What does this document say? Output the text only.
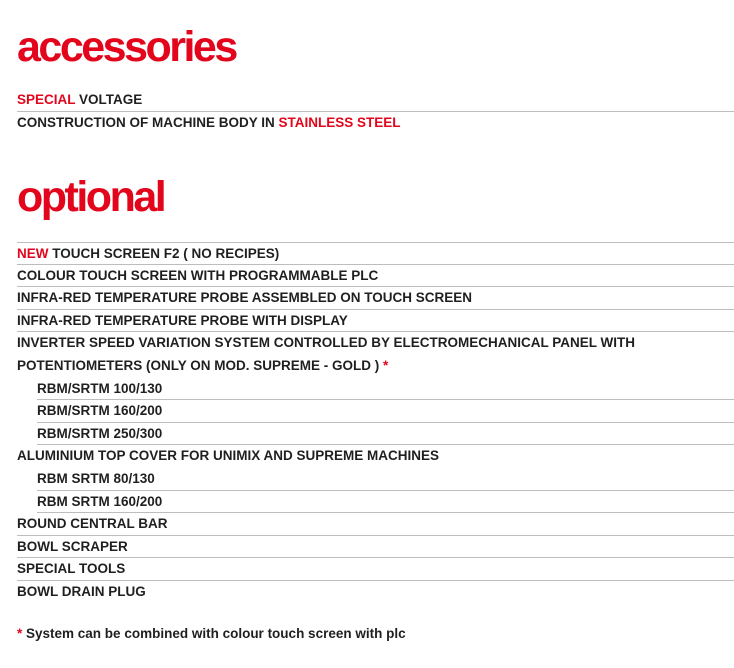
accessories
SPECIAL VOLTAGE
CONSTRUCTION OF MACHINE BODY IN STAINLESS STEEL
optional
NEW TOUCH SCREEN F2 ( NO RECIPES)
COLOUR TOUCH SCREEN WITH PROGRAMMABLE PLC
INFRA-RED TEMPERATURE PROBE ASSEMBLED ON TOUCH SCREEN
INFRA-RED TEMPERATURE PROBE WITH DISPLAY
INVERTER SPEED VARIATION SYSTEM CONTROLLED BY ELECTROMECHANICAL PANEL WITH
POTENTIOMETERS (ONLY ON MOD. SUPREME - GOLD ) *
RBM/SRTM 100/130
RBM/SRTM 160/200
RBM/SRTM 250/300
ALUMINIUM TOP COVER FOR UNIMIX AND SUPREME MACHINES
RBM SRTM 80/130
RBM SRTM 160/200
ROUND CENTRAL BAR
BOWL SCRAPER
SPECIAL TOOLS
BOWL DRAIN PLUG
* System can be combined with colour touch screen with plc
